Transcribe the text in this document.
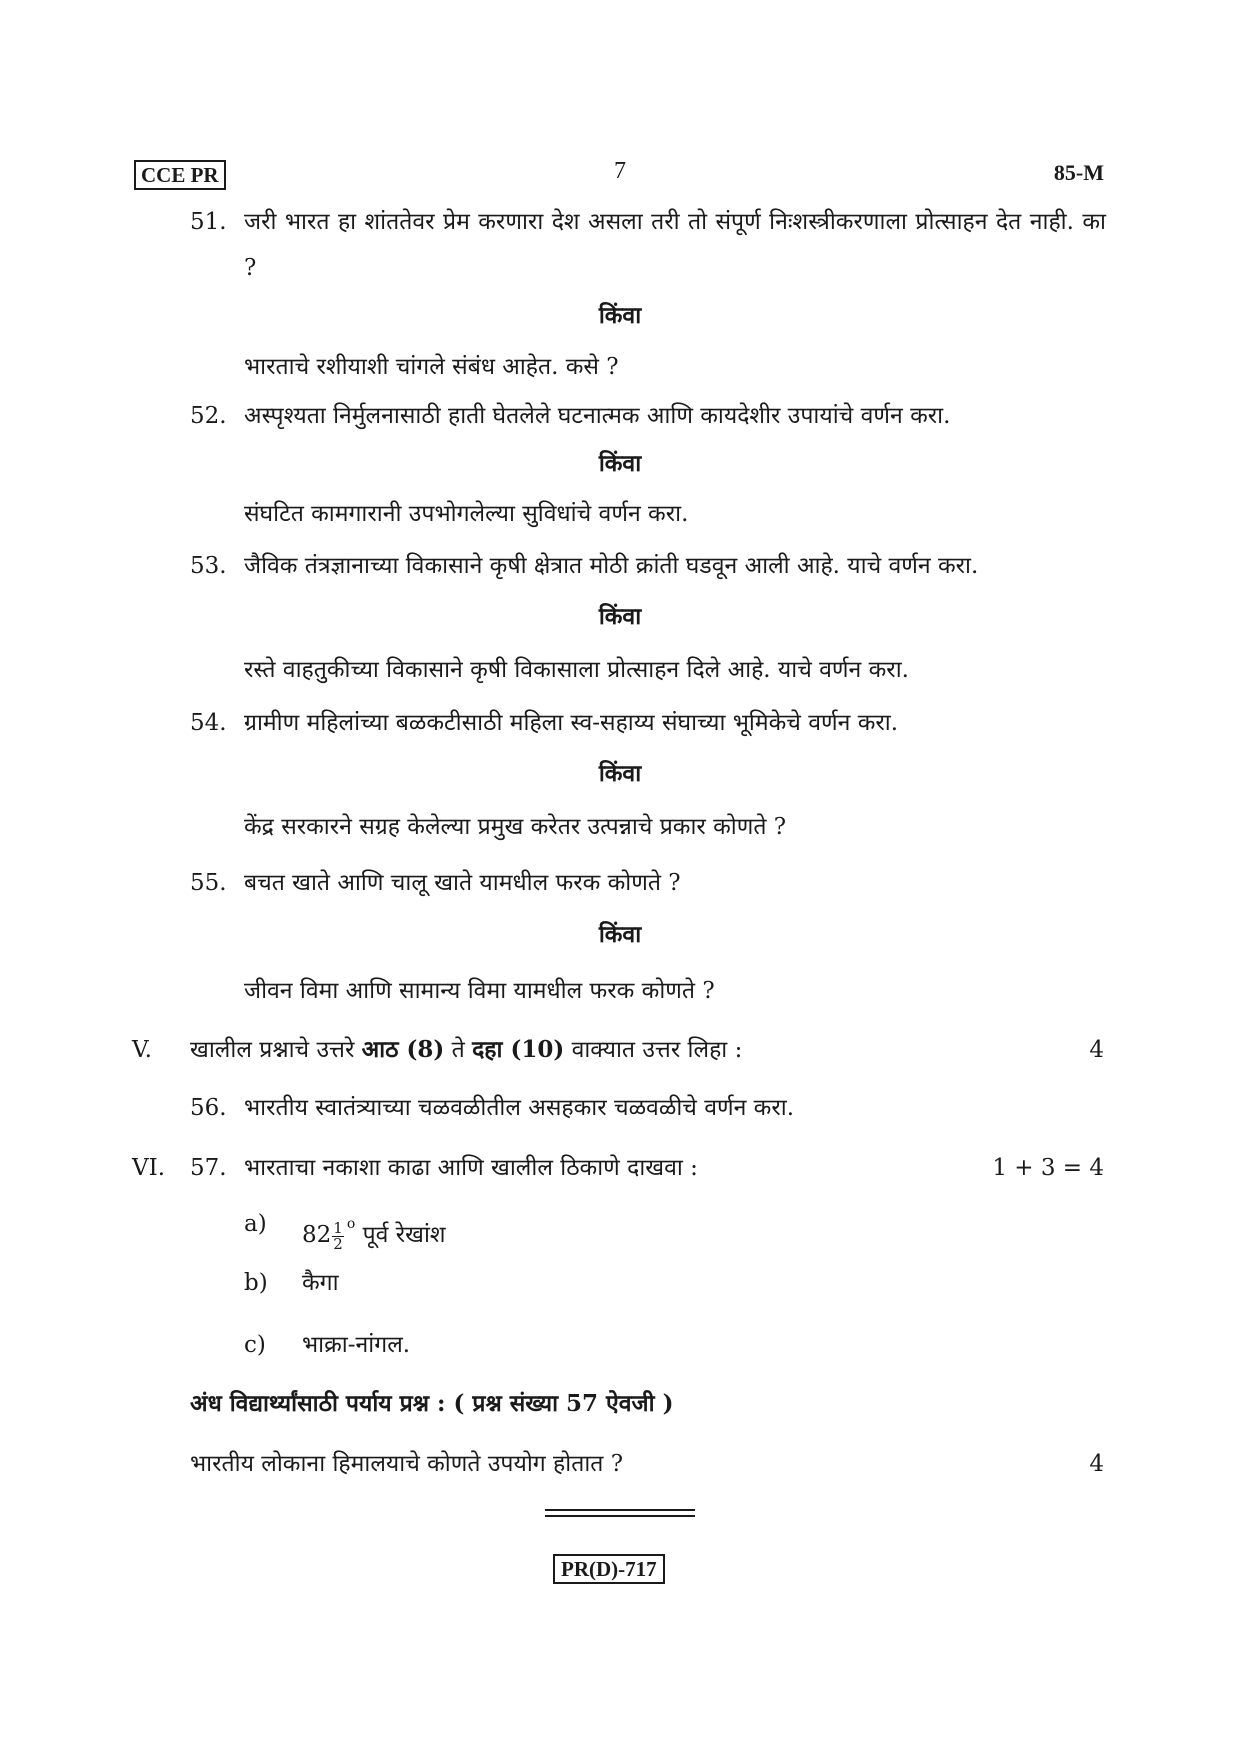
CCE PR	7	85-M
51. जरी भारत हा शांततेवर प्रेम करणारा देश असला तरी तो संपूर्ण निःशस्त्रीकरणाला प्रोत्साहन देत नाही. का ?
किंवा
भारताचे रशीयाशी चांगले संबंध आहेत. कसे ?
52. अस्पृश्यता निर्मुलनासाठी हाती घेतलेले घटनात्मक आणि कायदेशीर उपायांचे वर्णन करा.
किंवा
संघटित कामगारानी उपभोगलेल्या सुविधांचे वर्णन करा.
53. जैविक तंत्रज्ञानाच्या विकासाने कृषी क्षेत्रात मोठी क्रांती घडवून आली आहे. याचे वर्णन करा.
किंवा
रस्ते वाहतुकीच्या विकासाने कृषी विकासाला प्रोत्साहन दिले आहे. याचे वर्णन करा.
54. ग्रामीण महिलांच्या बळकटीसाठी महिला स्व-सहाय्य संघाच्या भूमिकेचे वर्णन करा.
किंवा
केंद्र सरकारने सग्रह केलेल्या प्रमुख करेतर उत्पन्नाचे प्रकार कोणते ?
55. बचत खाते आणि चालू खाते यामधील फरक कोणते ?
किंवा
जीवन विमा आणि सामान्य विमा यामधील फरक कोणते ?
V. खालील प्रश्नाचे उत्तरे आठ (8) ते दहा (10) वाक्यात उत्तर लिहा :	4
56. भारतीय स्वातंत्र्याच्या चळवळीतील असहकार चळवळीचे वर्णन करा.
VI. 57. भारताचा नकाशा काढा आणि खालील ठिकाणे दाखवा :	1 + 3 = 4
a) $82 \frac{1}{2} ^o$ पूर्व रेखांश
b) कैगा
c) भाक्रा-नांगल.
अंध विद्यार्थ्यांसाठी पर्याय प्रश्न : ( प्रश्न संख्या 57 ऐवजी )
भारतीय लोकाना हिमालयाचे कोणते उपयोग होतात ?	4
PR(D)-717
